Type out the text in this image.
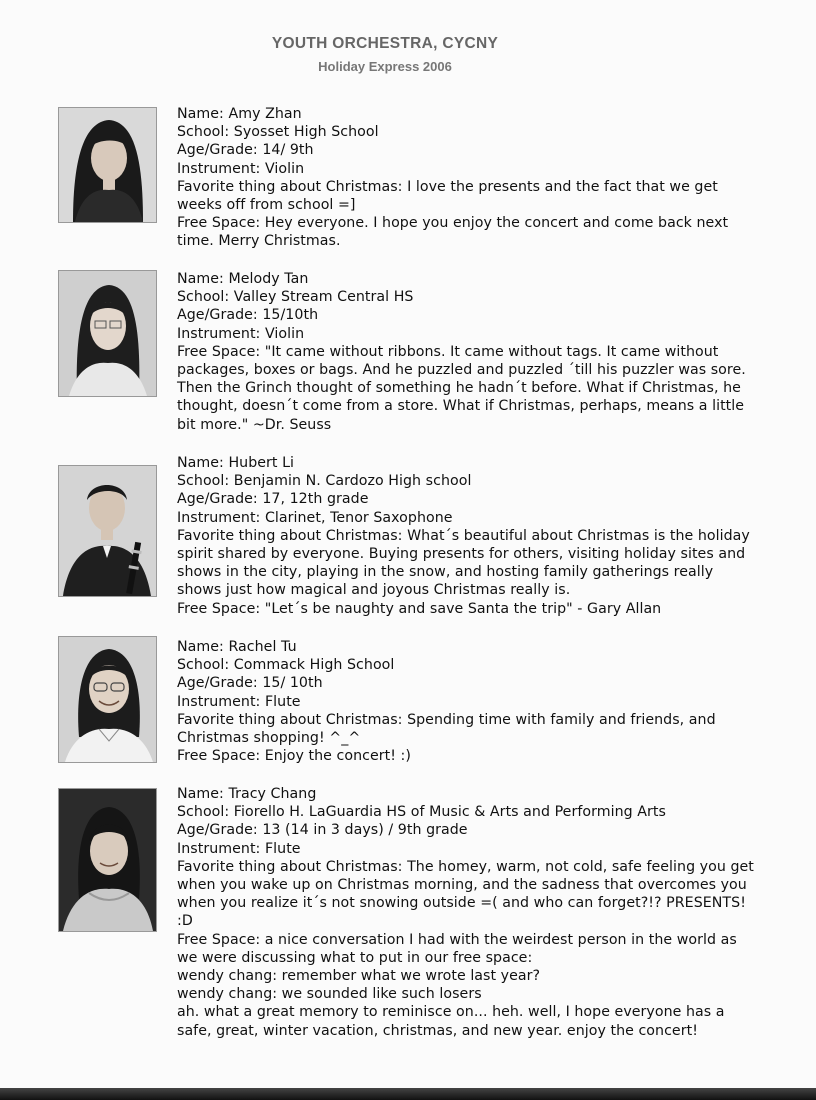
YOUTH ORCHESTRA, CYCNY
Holiday Express 2006
Name: Amy Zhan
School: Syosset High School
Age/Grade: 14/ 9th
Instrument: Violin
Favorite thing about Christmas: I love the presents and the fact that we get
weeks off from school =]
Free Space: Hey everyone. I hope you enjoy the concert and come back next
time. Merry Christmas.
Name: Melody Tan
School: Valley Stream Central HS
Age/Grade: 15/10th
Instrument: Violin
Free Space: "It came without ribbons. It came without tags. It came without
packages, boxes or bags. And he puzzled and puzzled ´till his puzzler was sore.
Then the Grinch thought of something he hadn´t before. What if Christmas, he
thought, doesn´t come from a store. What if Christmas, perhaps, means a little
bit more." ~Dr. Seuss
Name: Hubert Li
School: Benjamin N. Cardozo High school
Age/Grade: 17, 12th grade
Instrument: Clarinet, Tenor Saxophone
Favorite thing about Christmas: What´s beautiful about Christmas is the holiday
spirit shared by everyone. Buying presents for others, visiting holiday sites and
shows in the city, playing in the snow, and hosting family gatherings really
shows just how magical and joyous Christmas really is.
Free Space: "Let´s be naughty and save Santa the trip" - Gary Allan
Name: Rachel Tu
School: Commack High School
Age/Grade: 15/ 10th
Instrument: Flute
Favorite thing about Christmas: Spending time with family and friends, and
Christmas shopping! ^_^
Free Space: Enjoy the concert! :)
Name: Tracy Chang
School: Fiorello H. LaGuardia HS of Music & Arts and Performing Arts
Age/Grade: 13 (14 in 3 days) / 9th grade
Instrument: Flute
Favorite thing about Christmas: The homey, warm, not cold, safe feeling you get
when you wake up on Christmas morning, and the sadness that overcomes you
when you realize it´s not snowing outside =( and who can forget?!? PRESENTS!
:D
Free Space: a nice conversation I had with the weirdest person in the world as
we were discussing what to put in our free space:
wendy chang: remember what we wrote last year?
wendy chang: we sounded like such losers
ah. what a great memory to reminisce on... heh. well, I hope everyone has a
safe, great, winter vacation, christmas, and new year. enjoy the concert!
